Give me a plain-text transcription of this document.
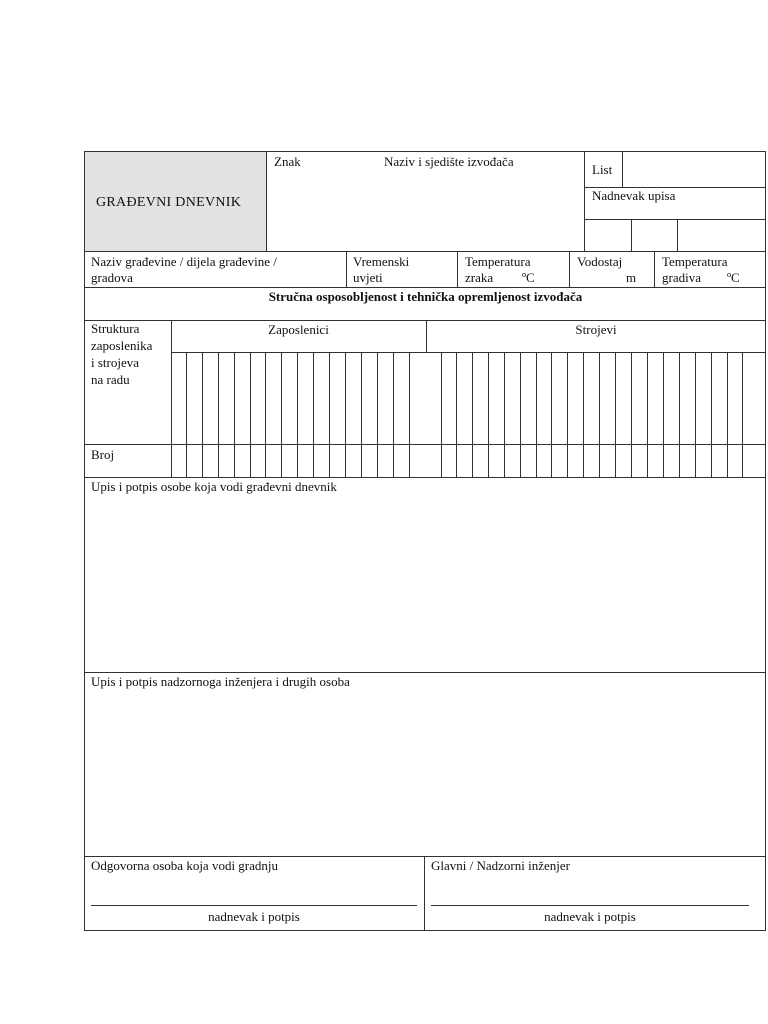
GRAĐEVNI DNEVNIK
Znak	Naziv i sjedište izvođača
List
Nadnevak upisa
Naziv građevine / dijela građevine /
gradova
Vremenski
uvjeti
Temperatura
zraka ºC
Vodostaj
m
Temperatura
gradiva ºC
Stručna osposobljenost i tehnička opremljenost izvođača
Struktura
zaposlenika
i strojeva
na radu
Zaposlenici	Strojevi
Broj
Upis i potpis osobe koja vodi građevni dnevnik
Upis i potpis nadzornoga inženjera i drugih osoba
Odgovorna osoba koja vodi gradnju
nadnevak i potpis
Glavni / Nadzorni inženjer
nadnevak i potpis
